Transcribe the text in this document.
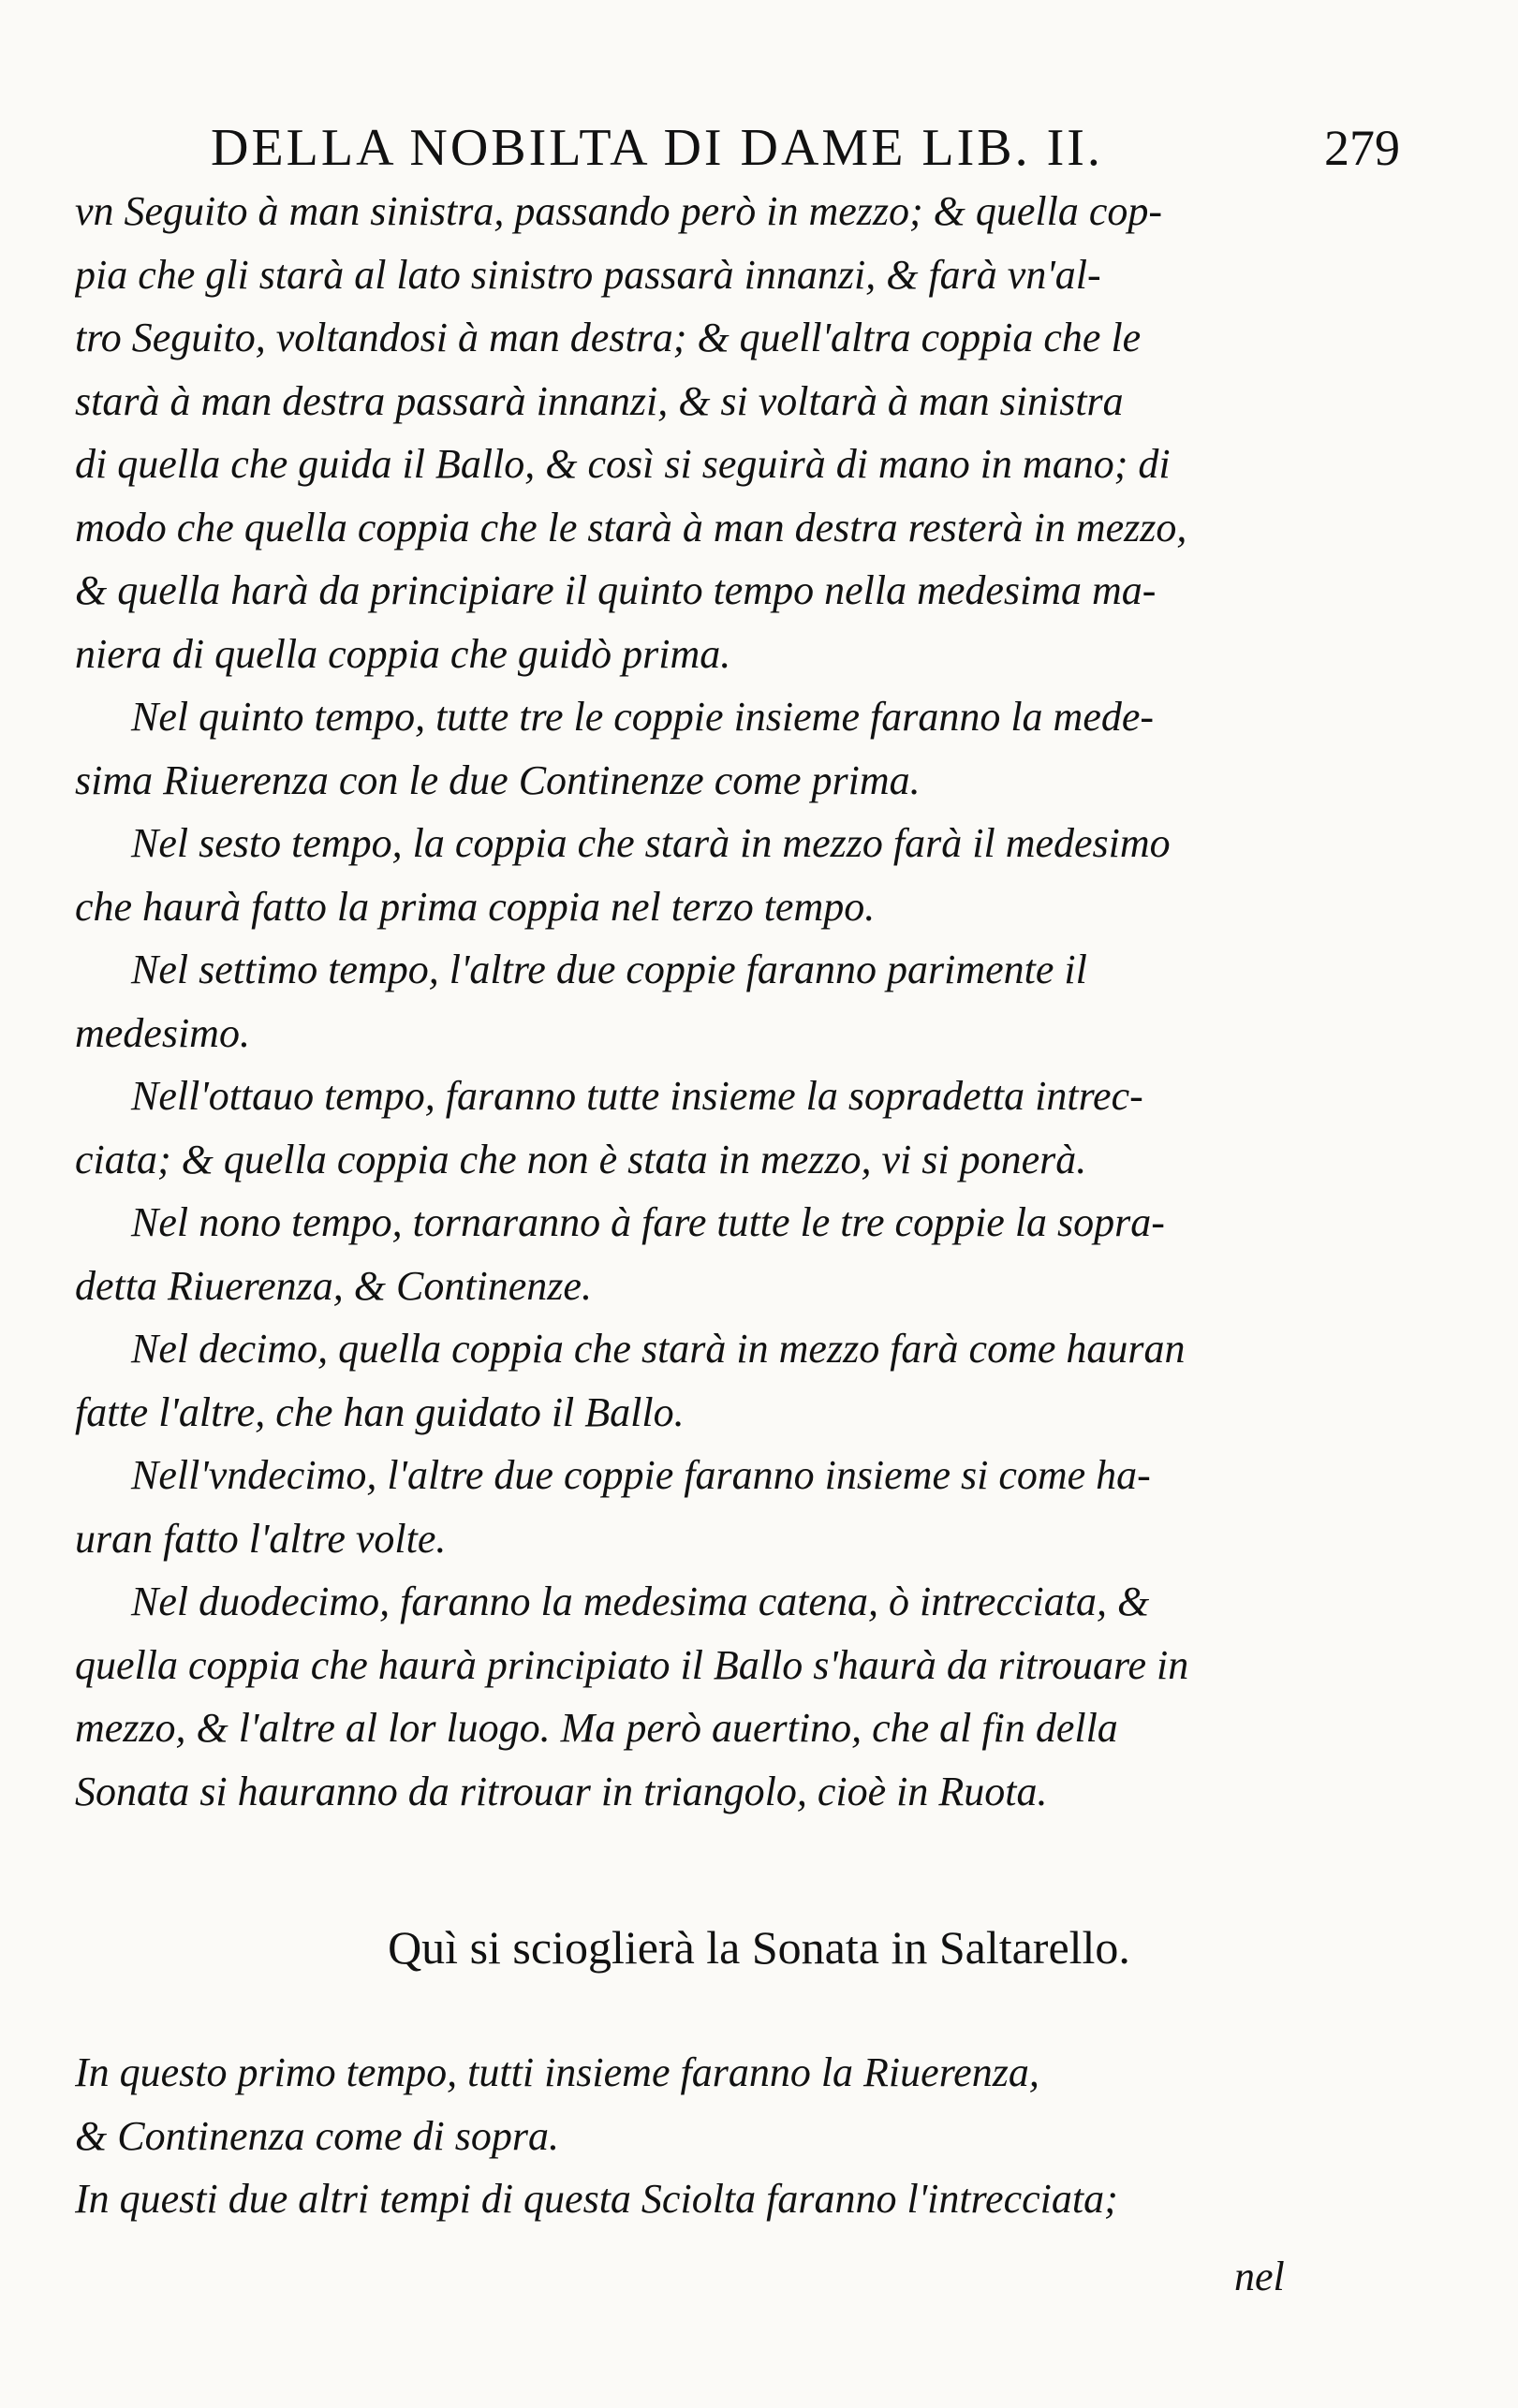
DELLA NOBILTA DI DAME LIB. II.	279
vn Seguito à man sinistra, passando però in mezzo; & quella cop-
pia che gli starà al lato sinistro passarà innanzi, & farà vn'al-
tro Seguito, voltandosi à man destra; & quell'altra coppia che le
starà à man destra passarà innanzi, & si voltarà à man sinistra
di quella che guida il Ballo, & così si seguirà di mano in mano; di
modo che quella coppia che le starà à man destra resterà in mezzo,
& quella harà da principiare il quinto tempo nella medesima ma-
niera di quella coppia che guidò prima.
Nel quinto tempo, tutte tre le coppie insieme faranno la mede-
sima Riuerenza con le due Continenze come prima.
Nel sesto tempo, la coppia che starà in mezzo farà il medesimo
che haurà fatto la prima coppia nel terzo tempo.
Nel settimo tempo, l'altre due coppie faranno parimente il
medesimo.
Nell'ottauo tempo, faranno tutte insieme la sopradetta intrec-
ciata; & quella coppia che non è stata in mezzo, vi si ponerà.
Nel nono tempo, tornaranno à fare tutte le tre coppie la sopra-
detta Riuerenza, & Continenze.
Nel decimo, quella coppia che starà in mezzo farà come hauran
fatte l'altre, che han guidato il Ballo.
Nell'vndecimo, l'altre due coppie faranno insieme si come ha-
uran fatto l'altre volte.
Nel duodecimo, faranno la medesima catena, ò intrecciata, &
quella coppia che haurà principiato il Ballo s'haurà da ritrouare in
mezzo, & l'altre al lor luogo. Ma però auertino, che al fin della
Sonata si hauranno da ritrouar in triangolo, cioè in Ruota.
Quì si scioglierà la Sonata in Saltarello.
In questo primo tempo, tutti insieme faranno la Riuerenza,
& Continenza come di sopra.
In questi due altri tempi di questa Sciolta faranno l'intrecciata;
nel
